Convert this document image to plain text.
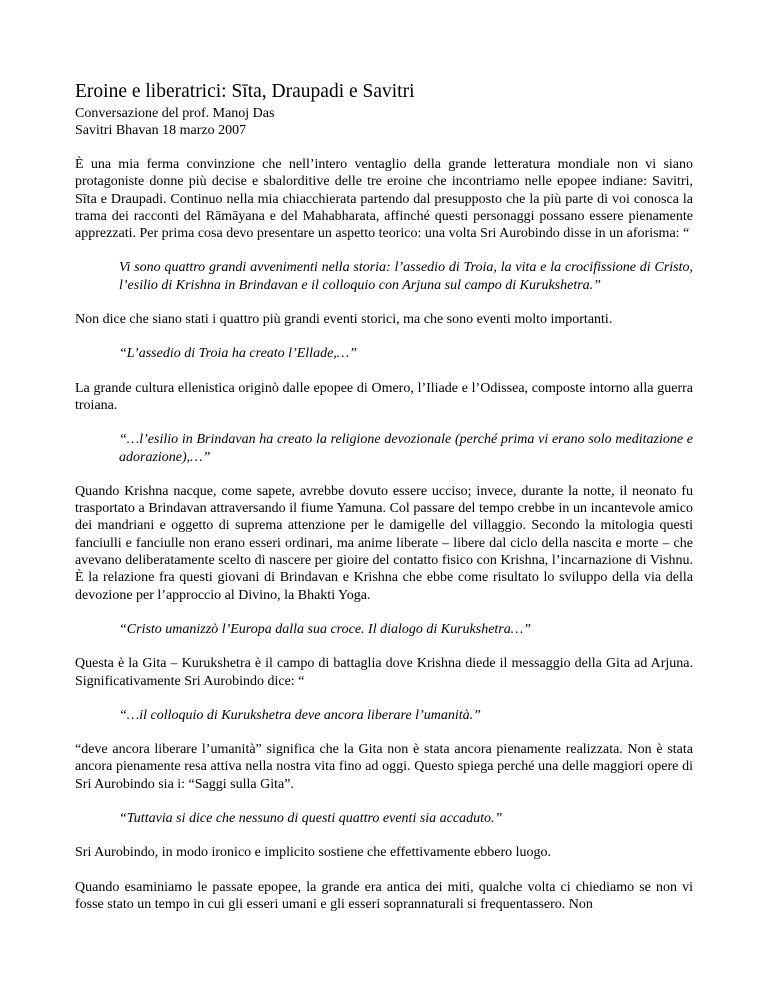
Eroine e liberatrici: Sīta, Draupadi e Savitri

Conversazione del prof. Manoj Das

Savitri Bhavan 18 marzo 2007

È una mia ferma convinzione che nell’intero ventaglio della grande letteratura mondiale non vi siano protagoniste donne più decise e sbalorditive delle tre eroine che incontriamo nelle epopee indiane: Savitri, Sīta e Draupadi. Continuo nella mia chiacchierata partendo dal presupposto che la più parte di voi conosca la trama dei racconti del Rāmāyana e del Mahabharata, affinché questi personaggi possano essere pienamente apprezzati. Per prima cosa devo presentare un aspetto teorico: una volta Sri Aurobindo disse in un aforisma: “

Vi sono quattro grandi avvenimenti nella storia: l’assedio di Troia, la vita e la crocifissione di Cristo, l’esilio di Krishna in Brindavan e il colloquio con Arjuna sul campo di Kurukshetra.”

Non dice che siano stati i quattro più grandi eventi storici, ma che sono eventi molto importanti.

“L’assedio di Troia ha creato l’Ellade,…”

La grande cultura ellenistica originò dalle epopee di Omero, l’Iliade e l’Odissea, composte intorno alla guerra troiana.

“…l’esilio in Brindavan ha creato la religione devozionale (perché prima vi erano solo meditazione e adorazione),…”

Quando Krishna nacque, come sapete, avrebbe dovuto essere ucciso; invece, durante la notte, il neonato fu trasportato a Brindavan attraversando il fiume Yamuna. Col passare del tempo crebbe in un incantevole amico dei mandriani e oggetto di suprema attenzione per le damigelle del villaggio. Secondo la mitologia questi fanciulli e fanciulle non erano esseri ordinari, ma anime liberate – libere dal ciclo della nascita e morte – che avevano deliberatamente scelto di nascere per gioire del contatto fisico con Krishna, l’incarnazione di Vishnu. È la relazione fra questi giovani di Brindavan e Krishna che ebbe come risultato lo sviluppo della via della devozione per l’approccio al Divino, la Bhakti Yoga.

“Cristo umanizzò l’Europa dalla sua croce. Il dialogo di Kurukshetra…”

Questa è la Gita – Kurukshetra è il campo di battaglia dove Krishna diede il messaggio della Gita ad Arjuna. Significativamente Sri Aurobindo dice: “

“…il colloquio di Kurukshetra deve ancora liberare l’umanità.”

“deve ancora liberare l’umanità” significa che la Gita non è stata ancora pienamente realizzata. Non è stata ancora pienamente resa attiva nella nostra vita fino ad oggi. Questo spiega perché una delle maggiori opere di Sri Aurobindo sia i: “Saggi sulla Gita”.

“Tuttavia si dice che nessuno di questi quattro eventi sia accaduto.”

Sri Aurobindo, in modo ironico e implicito sostiene che effettivamente ebbero luogo.

Quando esaminiamo le passate epopee, la grande era antica dei miti, qualche volta ci chiediamo se non vi fosse stato un tempo in cui gli esseri umani e gli esseri soprannaturali si frequentassero. Non
